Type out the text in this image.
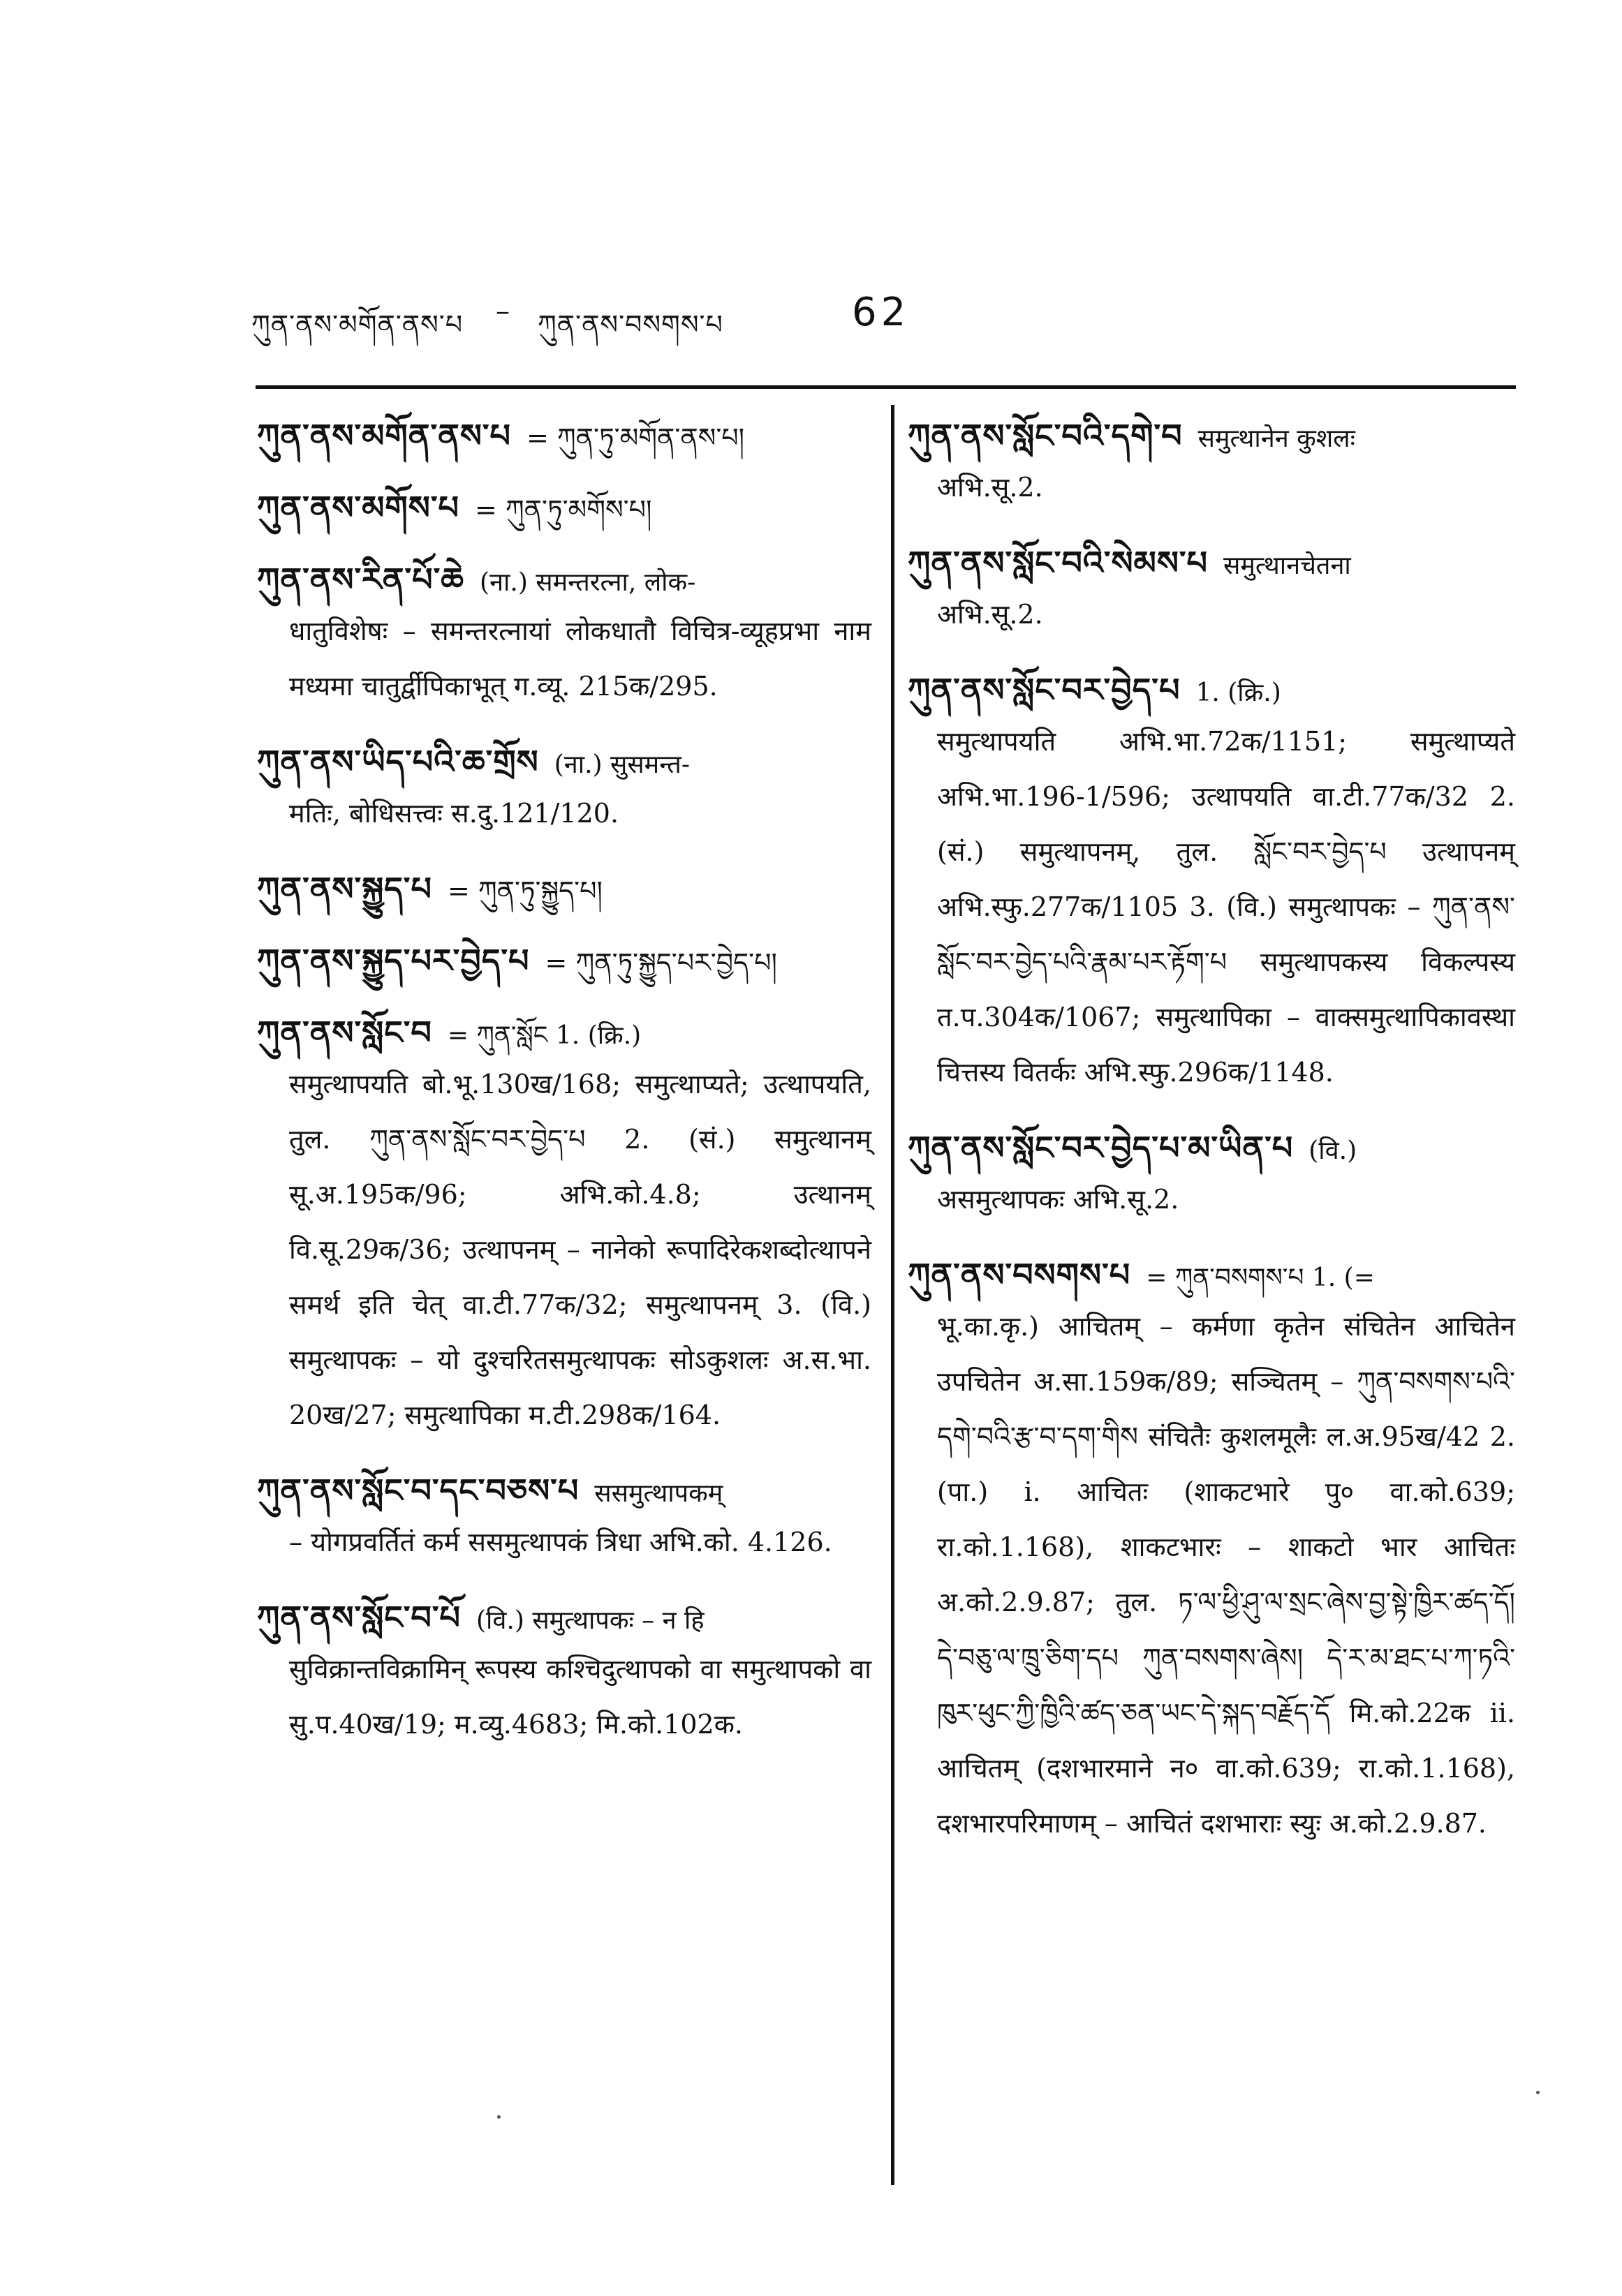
ཀུན་ནས་མགོན་ནས་པ – ཀུན་ནས་བསགས་པ	62
ཀུན་ནས་མགོན་ནས་པ = ཀུན་ཏུ་མགོན་ནས་པ།
ཀུན་ནས་མགོས་པ = ཀུན་ཏུ་མགོས་པ།
ཀུན་ནས་རིན་པོ་ཆེ (ना.) समन्तरत्ना, लोक-
धातुविशेषः – समन्तरत्नायां लोकधातौ विचित्र-व्यूहप्रभा नाम मध्यमा चातुर्द्वीपिकाभूत् ग.व्यू. 215क/295.
ཀུན་ནས་ཡིད་པའི་ཆ་གྲོས (ना.) सुसमन्त-
मतिः, बोधिसत्त्वः स.दु.121/120.
ཀུན་ནས་སྐྱུད་པ = ཀུན་ཏུ་སྐྱུད་པ།
ཀུན་ནས་སྐྱུད་པར་བྱེད་པ = ཀུན་ཏུ་སྐྱུད་པར་བྱེད་པ།
ཀུན་ནས་སློང་བ = ཀུན་སློང 1. (क्रि.)
समुत्थापयति बो.भू.130ख/168; समुत्थाप्यते; उत्थापयति, तुल. ཀུན་ནས་སློང་བར་བྱེད་པ 2. (सं.) समुत्थानम् सू.अ.195क/96; अभि.को.4.8; उत्थानम् वि.सू.29क/36; उत्थापनम् – नानेको रूपादिरेकशब्दोत्थापने समर्थ इति चेत् वा.टी.77क/32; समुत्थापनम् 3. (वि.) समुत्थापकः – यो दुश्चरितसमुत्थापकः सोऽकुशलः अ.स.भा. 20ख/27; समुत्थापिका म.टी.298क/164.
ཀུན་ནས་སློང་བ་དང་བཅས་པ ससमुत्थापकम्
– योगप्रवर्तितं कर्म ससमुत्थापकं त्रिधा अभि.को. 4.126.
ཀུན་ནས་སློང་བ་པོ (वि.) समुत्थापकः – न हि
सुविक्रान्तविक्रामिन् रूपस्य कश्चिदुत्थापको वा समुत्थापको वा सु.प.40ख/19; म.व्यु.4683; मि.को.102क.
ཀུན་ནས་སློང་བའི་དགེ་བ समुत्थानेन कुशलः
अभि.सू.2.
ཀུན་ནས་སློང་བའི་སེམས་པ समुत्थानचेतना
अभि.सू.2.
ཀུན་ནས་སློང་བར་བྱེད་པ 1. (क्रि.)
समुत्थापयति अभि.भा.72क/1151; समुत्थाप्यते अभि.भा.196-1/596; उत्थापयति वा.टी.77क/32 2. (सं.) समुत्थापनम्, तुल. སློང་བར་བྱེད་པ उत्थापनम् अभि.स्फु.277क/1105 3. (वि.) समुत्थापकः – ཀུན་ནས་སློང་བར་བྱེད་པའི་རྣམ་པར་རྟོག་པ समुत्थापकस्य विकल्पस्य त.प.304क/1067; समुत्थापिका – वाक्समुत्थापिकावस्था चित्तस्य वितर्कः अभि.स्फु.296क/1148.
ཀུན་ནས་སློང་བར་བྱེད་པ་མ་ཡིན་པ (वि.)
असमुत्थापकः अभि.सू.2.
ཀུན་ནས་བསགས་པ = ཀུན་བསགས་པ 1. (=
भू.का.कृ.) आचितम् – कर्मणा कृतेन संचितेन आचितेन उपचितेन अ.सा.159क/89; सञ्चितम् – ཀུན་བསགས་པའི་དགེ་བའི་རྩ་བ་དག་གིས संचितैः कुशलमूलैः ल.अ.95ख/42 2. (पा.) i. आचितः (शाकटभारे पु० वा.को.639; रा.को.1.168), शाकटभारः – शाकटो भार आचितः अ.को.2.9.87; तुल. ཏ་ལ་ཕྱི་ཤུ་ལ་སྲང་ཞེས་བྱ་སྟེ་ཁྱིར་ཚད་དོ། དེ་བཅུ་ལ་ཁྲུ་ཅིག་དཔ ཀུན་བསགས་ཞེས། དེ་ར་མ་ཐང་པ་ཀ་ཏའི་ཁུར་ཕུང་ཀྱི་ཁྱིའི་ཚད་ཅན་ཡང་དེ་སྐད་བརྗོད་དོ मि.को.22क ii. आचितम् (दशभारमाने न० वा.को.639; रा.को.1.168), दशभारपरिमाणम् – आचितं दशभाराः स्युः अ.को.2.9.87.
